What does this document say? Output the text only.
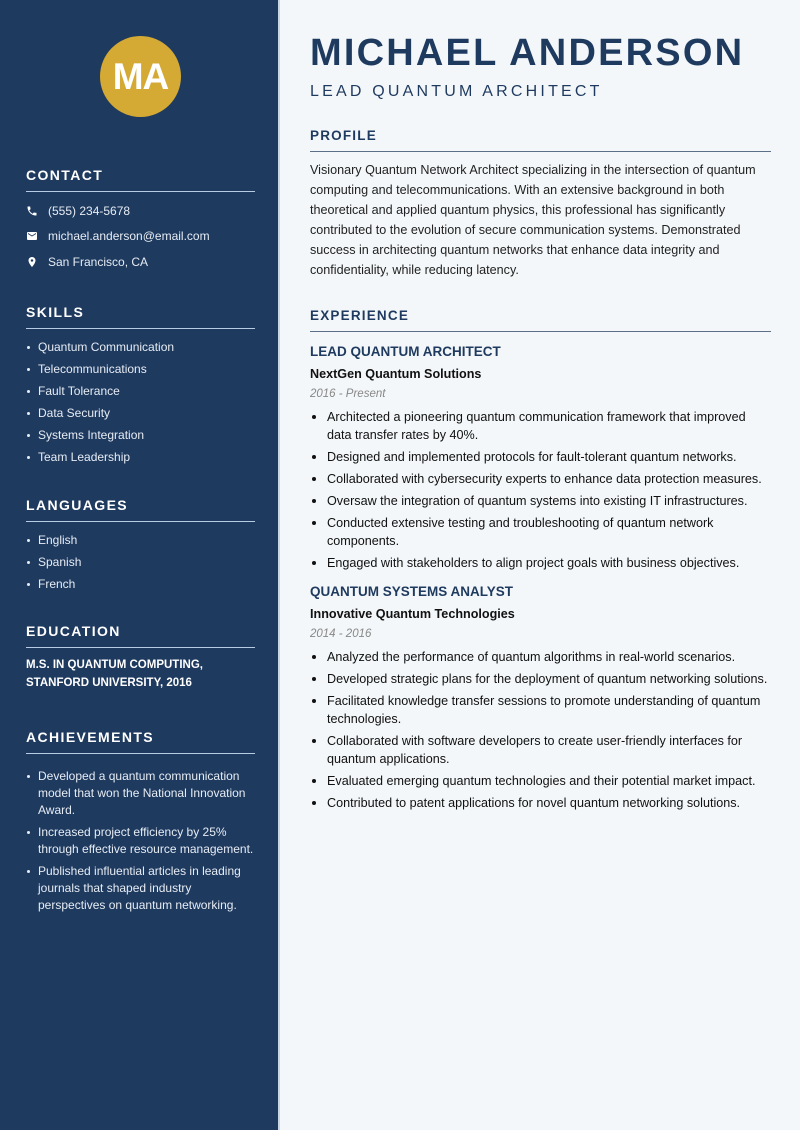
MA
CONTACT
(555) 234-5678
michael.anderson@email.com
San Francisco, CA
SKILLS
Quantum Communication
Telecommunications
Fault Tolerance
Data Security
Systems Integration
Team Leadership
LANGUAGES
English
Spanish
French
EDUCATION
M.S. IN QUANTUM COMPUTING,
STANFORD UNIVERSITY, 2016
ACHIEVEMENTS
Developed a quantum communication model that won the National Innovation Award.
Increased project efficiency by 25% through effective resource management.
Published influential articles in leading journals that shaped industry perspectives on quantum networking.
MICHAEL ANDERSON
LEAD QUANTUM ARCHITECT
PROFILE

Visionary Quantum Network Architect specializing in the intersection of quantum computing and telecommunications. With an extensive background in both theoretical and applied quantum physics, this professional has significantly contributed to the evolution of secure communication systems. Demonstrated success in architecting quantum networks that enhance data integrity and confidentiality, while reducing latency.

EXPERIENCE
LEAD QUANTUM ARCHITECT
NextGen Quantum Solutions
2016 - Present
Architected a pioneering quantum communication framework that improved data transfer rates by 40%.
Designed and implemented protocols for fault-tolerant quantum networks.
Collaborated with cybersecurity experts to enhance data protection measures.
Oversaw the integration of quantum systems into existing IT infrastructures.
Conducted extensive testing and troubleshooting of quantum network components.
Engaged with stakeholders to align project goals with business objectives.
QUANTUM SYSTEMS ANALYST
Innovative Quantum Technologies
2014 - 2016
Analyzed the performance of quantum algorithms in real-world scenarios.
Developed strategic plans for the deployment of quantum networking solutions.
Facilitated knowledge transfer sessions to promote understanding of quantum technologies.
Collaborated with software developers to create user-friendly interfaces for quantum applications.
Evaluated emerging quantum technologies and their potential market impact.
Contributed to patent applications for novel quantum networking solutions.
